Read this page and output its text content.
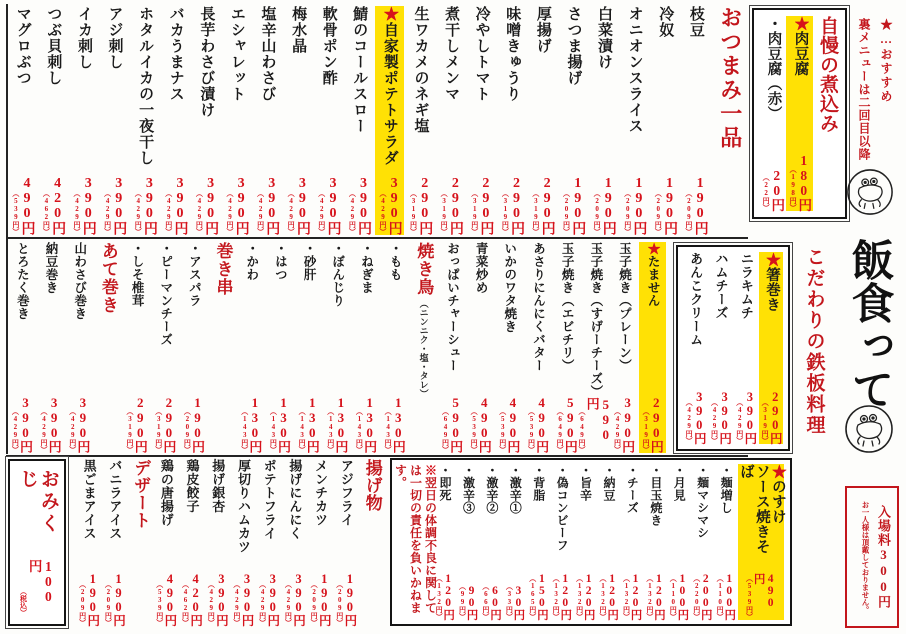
★…おすすめ
裏メニューは二回目以降
自慢の煮込み
★肉豆腐
180円
（198円）
・肉豆腐（赤）
20円
（22円）
おつまみ一品
枝豆
190円
（209円）
冷奴
190円
（209円）
オニオンスライス
190円
（209円）
白菜漬け
190円
（209円）
さつま揚げ
190円
（209円）
厚揚げ
290円
（319円）
味噌きゅうり
290円
（319円）
冷やしトマト
290円
（319円）
煮干しメンマ
290円
（319円）
生ワカメのネギ塩
290円
（319円）
★自家製ポテトサラダ
390円
（429円）
鯖のコールスロー
390円
（429円）
軟骨ポン酢
390円
（429円）
梅水晶
390円
（429円）
塩辛山わさび
390円
（429円）
エシャレット
390円
（429円）
長芋わさび漬け
390円
（429円）
バカうまナス
390円
（429円）
ホタルイカの一夜干し
390円
（429円）
アジ刺し
390円
（429円）
イカ刺し
390円
（429円）
つぶ貝刺し
420円
（462円）
マグロぶつ
490円
（539円）
★たません
290円
（319円）
玉子焼き（プレーン）
390円
（429円）
玉子焼き（すげーチーズ）
590円
（649円）
玉子焼き（エビチリ）
590円
（649円）
あさりにんにくバター
490円
（539円）
いかのワタ焼き
490円
（539円）
青菜炒め
490円
（539円）
おっぱいチャーシュー
590円
（649円）
焼き鳥
（ニンニク・塩・タレ）
・もも
130円
（143円）
・ねぎま
130円
（143円）
・ぼんじり
130円
（143円）
・砂肝
130円
（143円）
・はつ
130円
（143円）
・かわ
130円
（143円）
巻き串
・アスパラ
190円
（209円）
・ピーマンチーズ
290円
（319円）
・しそ椎茸
290円
（319円）
あて巻き
山わさび巻き
390円
（429円）
納豆巻き
390円
（429円）
とろたく巻き
390円
（429円）
★箸巻き
290円
（319円）
ニラキムチ
390円
（429円）
ハムチーズ
390円
（429円）
あんこクリーム
390円
（429円）
飯食って
こだわりの鉄板料理
揚げ物
アジフライ
190円
（209円）
メンチカツ
190円
（209円）
揚げにんにく
390円
（429円）
ポテトフライ
390円
（429円）
厚切りハムカツ
390円
（429円）
揚げ銀杏
390円
（429円）
鶏皮餃子
420円
（462円）
鶏の唐揚げ
490円
（539円）
デザート
バニラアイス
190円
（209円）
黒ごまアイス
190円
（209円）
★のすけ
ソース焼きそば
490円
（539円）
・麺増し
100円
（110円）
・麺マシマシ
200円
（220円）
・月見
100円
（110円）
・目玉焼き
120円
（132円）
・チーズ
120円
（132円）
・納豆
120円
（132円）
・旨辛
120円
（132円）
・偽コンビーフ
120円
（132円）
・背脂
150円
（165円）
・激辛①
30円
（33円）
・激辛②
60円
（66円）
・激辛③
90円
（99円）
・即死
120円
（132円）
※翌日の体調不良に関しては一切の責任を負いかねます。
おみくじ
100円
（税込）	入場料300円
お一人様は頂戴しておりません。
